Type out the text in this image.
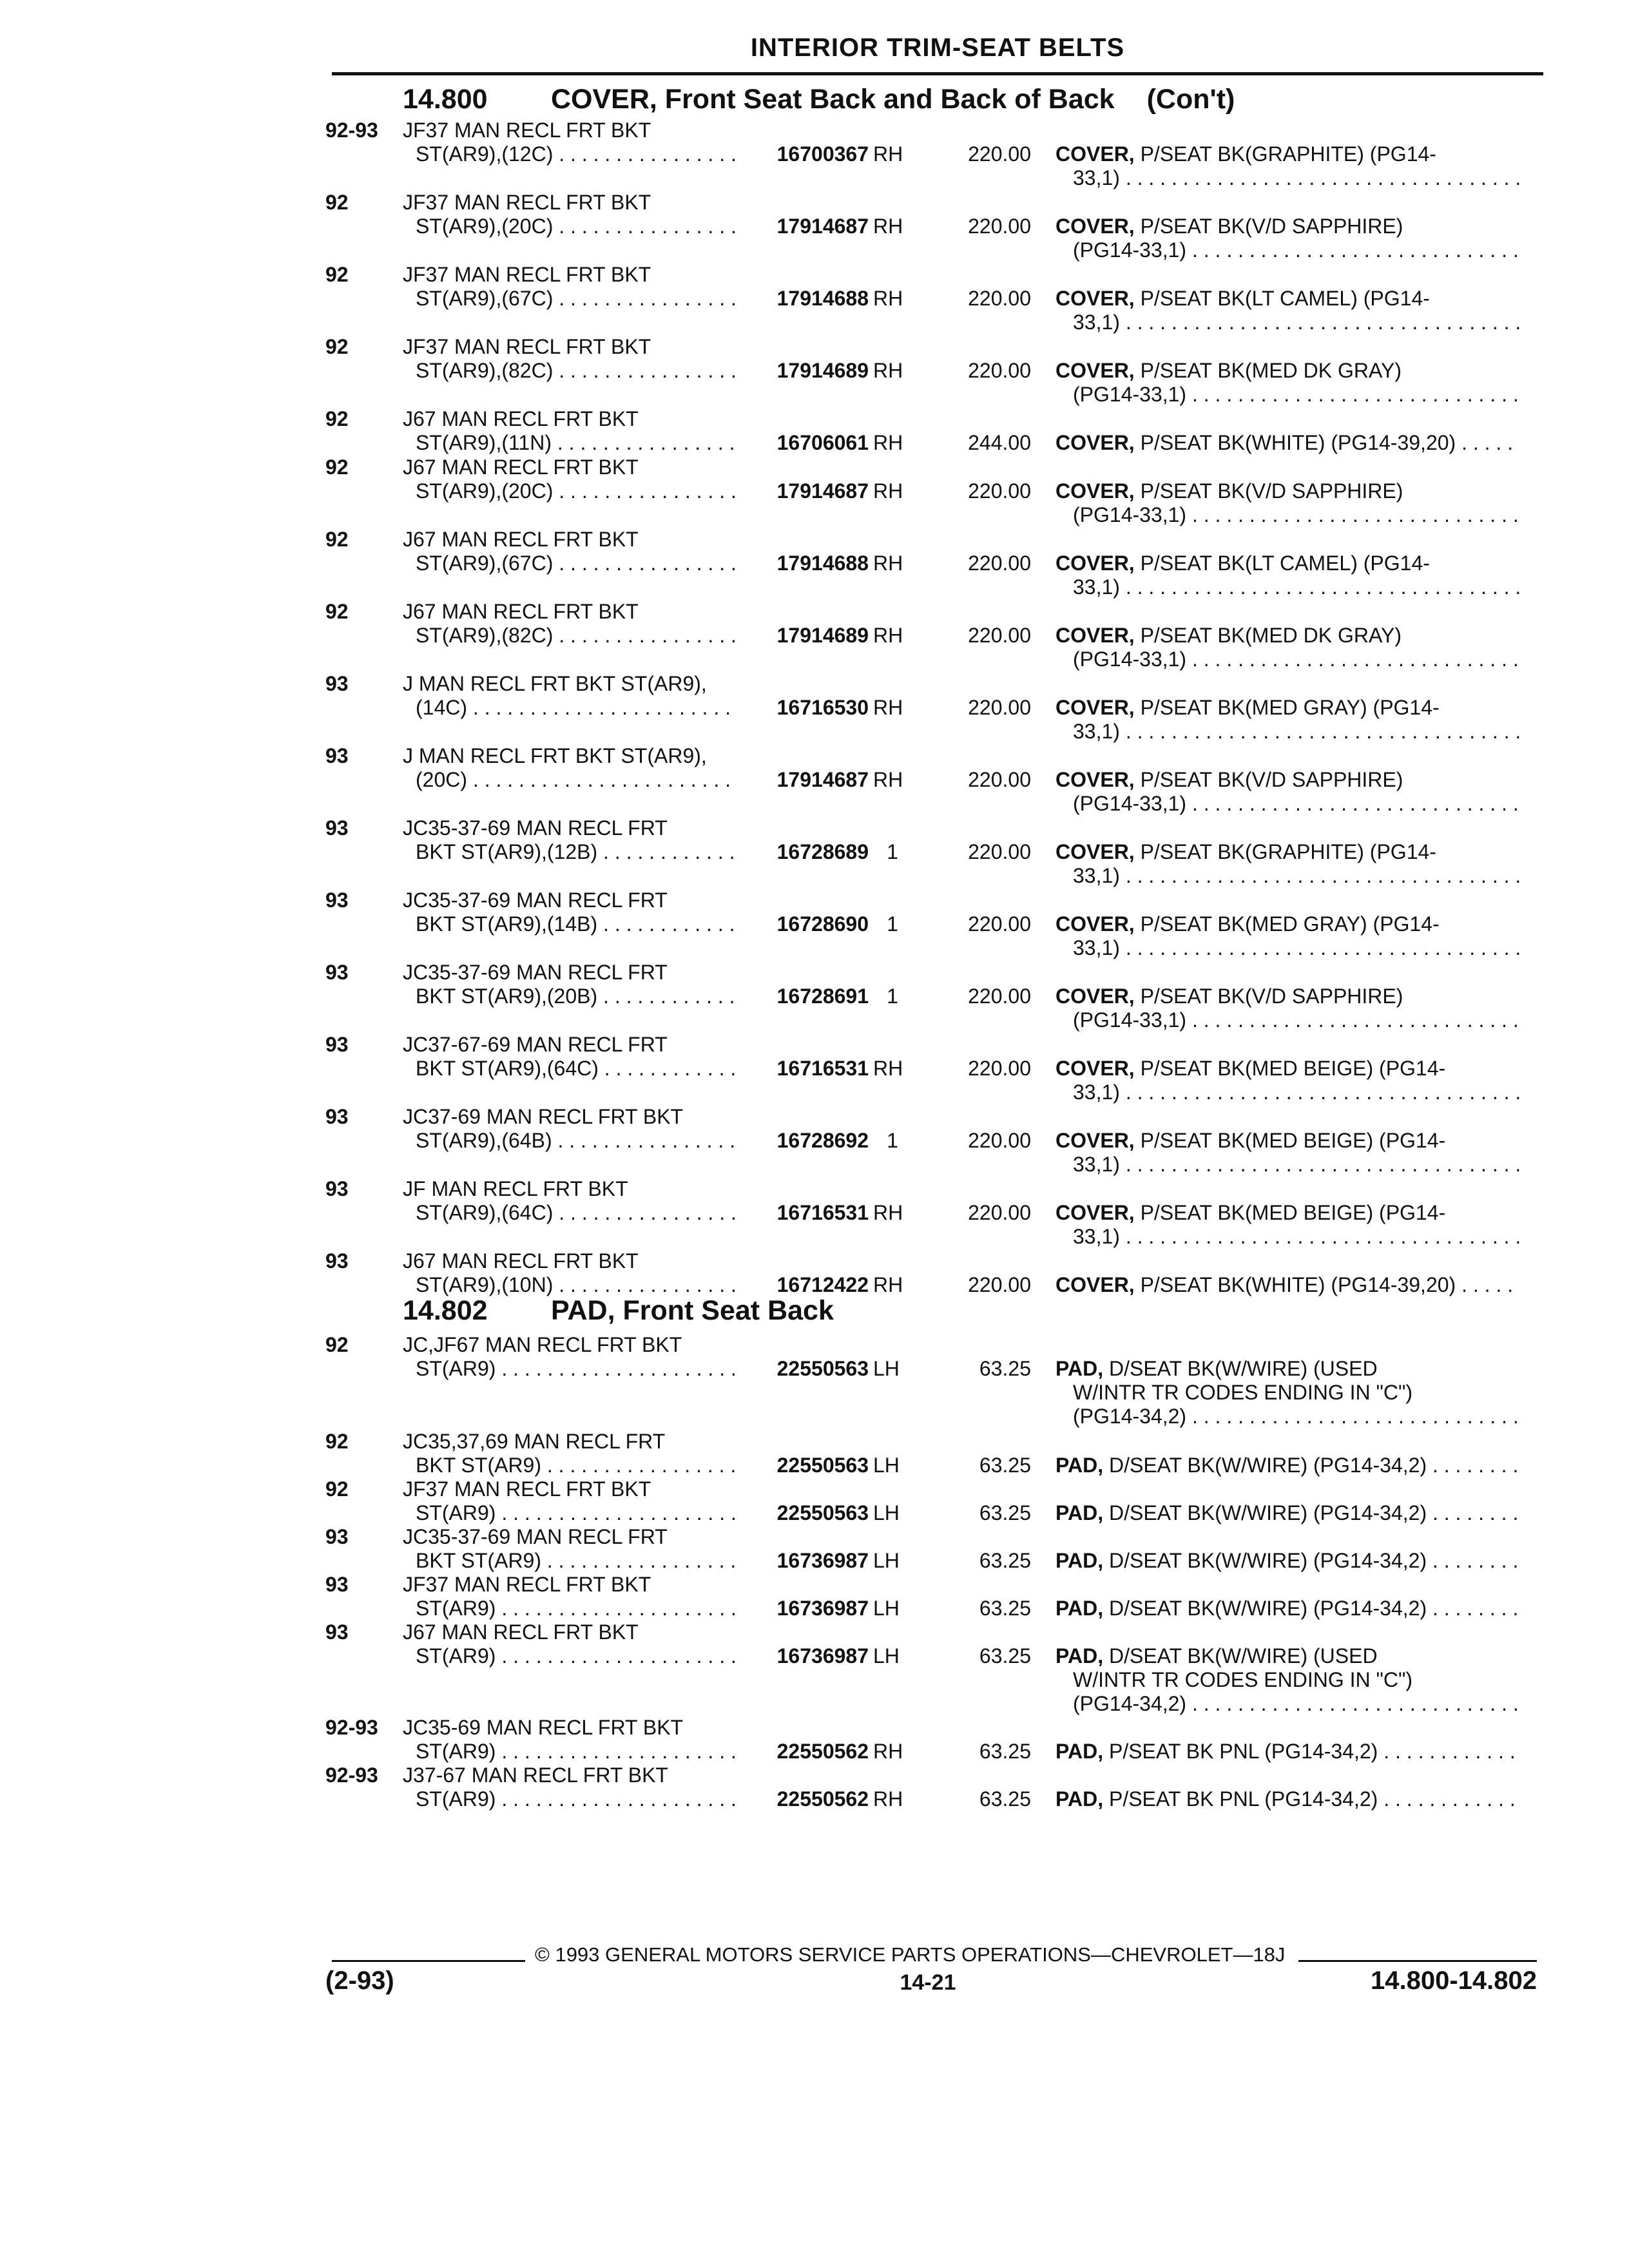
INTERIOR TRIM-SEAT BELTS
14.800 COVER, Front Seat Back and Back of Back (Con't)
92-93	JF37 MAN RECL FRT BKT
ST(AR9),(12C) . . .	16700367 RH	220.00 COVER, P/SEAT BK(GRAPHITE) (PG14-
33,1) . . .
92	JF37 MAN RECL FRT BKT
ST(AR9),(20C) . . .	17914687 RH	220.00 COVER, P/SEAT BK(V/D SAPPHIRE)
(PG14-33,1) . . .
92	JF37 MAN RECL FRT BKT
ST(AR9),(67C) . . .	17914688 RH	220.00 COVER, P/SEAT BK(LT CAMEL) (PG14-
33,1) . . .
92	JF37 MAN RECL FRT BKT
ST(AR9),(82C) . . .	17914689 RH	220.00 COVER, P/SEAT BK(MED DK GRAY)
(PG14-33,1) . . .
92	J67 MAN RECL FRT BKT
ST(AR9),(11N) . . .	16706061 RH	244.00 COVER, P/SEAT BK(WHITE) (PG14-39,20) . . .
92	J67 MAN RECL FRT BKT
ST(AR9),(20C) . . .	17914687 RH	220.00 COVER, P/SEAT BK(V/D SAPPHIRE)
(PG14-33,1) . . .
92	J67 MAN RECL FRT BKT
ST(AR9),(67C) . . .	17914688 RH	220.00 COVER, P/SEAT BK(LT CAMEL) (PG14-
33,1) . . .
92	J67 MAN RECL FRT BKT
ST(AR9),(82C) . . .	17914689 RH	220.00 COVER, P/SEAT BK(MED DK GRAY)
(PG14-33,1) . . .
93	J MAN RECL FRT BKT ST(AR9),
(14C) . . .	16716530 RH	220.00 COVER, P/SEAT BK(MED GRAY) (PG14-
33,1) . . .
93	J MAN RECL FRT BKT ST(AR9),
(20C) . . .	17914687 RH	220.00 COVER, P/SEAT BK(V/D SAPPHIRE)
(PG14-33,1) . . .
93	JC35-37-69 MAN RECL FRT
BKT ST(AR9),(12B) . . .	16728689 1	220.00 COVER, P/SEAT BK(GRAPHITE) (PG14-
33,1) . . .
93	JC35-37-69 MAN RECL FRT
BKT ST(AR9),(14B) . . .	16728690 1	220.00 COVER, P/SEAT BK(MED GRAY) (PG14-
33,1) . . .
93	JC35-37-69 MAN RECL FRT
BKT ST(AR9),(20B) . . .	16728691 1	220.00 COVER, P/SEAT BK(V/D SAPPHIRE)
(PG14-33,1) . . .
93	JC37-67-69 MAN RECL FRT
BKT ST(AR9),(64C) . . .	16716531 RH	220.00 COVER, P/SEAT BK(MED BEIGE) (PG14-
33,1) . . .
93	JC37-69 MAN RECL FRT BKT
ST(AR9),(64B) . . .	16728692 1	220.00 COVER, P/SEAT BK(MED BEIGE) (PG14-
33,1) . . .
93	JF MAN RECL FRT BKT
ST(AR9),(64C) . . .	16716531 RH	220.00 COVER, P/SEAT BK(MED BEIGE) (PG14-
33,1) . . .
93	J67 MAN RECL FRT BKT
ST(AR9),(10N) . . .	16712422 RH	220.00 COVER, P/SEAT BK(WHITE) (PG14-39,20) . . .
14.802 PAD, Front Seat Back
92	JC,JF67 MAN RECL FRT BKT
ST(AR9) . . .	22550563 LH	63.25 PAD, D/SEAT BK(W/WIRE) (USED
W/INTR TR CODES ENDING IN "C")
(PG14-34,2) . . .
92	JC35,37,69 MAN RECL FRT
BKT ST(AR9) . . .	22550563 LH	63.25 PAD, D/SEAT BK(W/WIRE) (PG14-34,2) . . .
92	JF37 MAN RECL FRT BKT
ST(AR9) . . .	22550563 LH	63.25 PAD, D/SEAT BK(W/WIRE) (PG14-34,2) . . .
93	JC35-37-69 MAN RECL FRT
BKT ST(AR9) . . .	16736987 LH	63.25 PAD, D/SEAT BK(W/WIRE) (PG14-34,2) . . .
93	JF37 MAN RECL FRT BKT
ST(AR9) . . .	16736987 LH	63.25 PAD, D/SEAT BK(W/WIRE) (PG14-34,2) . . .
93	J67 MAN RECL FRT BKT
ST(AR9) . . .	16736987 LH	63.25 PAD, D/SEAT BK(W/WIRE) (USED
W/INTR TR CODES ENDING IN "C")
(PG14-34,2) . . .
92-93	JC35-69 MAN RECL FRT BKT
ST(AR9) . . .	22550562 RH	63.25 PAD, P/SEAT BK PNL (PG14-34,2) . . .
92-93	J37-67 MAN RECL FRT BKT
ST(AR9) . . .	22550562 RH	63.25 PAD, P/SEAT BK PNL (PG14-34,2) . . .
© 1993 GENERAL MOTORS SERVICE PARTS OPERATIONS—CHEVROLET—18J
(2-93)	14-21	14.800-14.802
